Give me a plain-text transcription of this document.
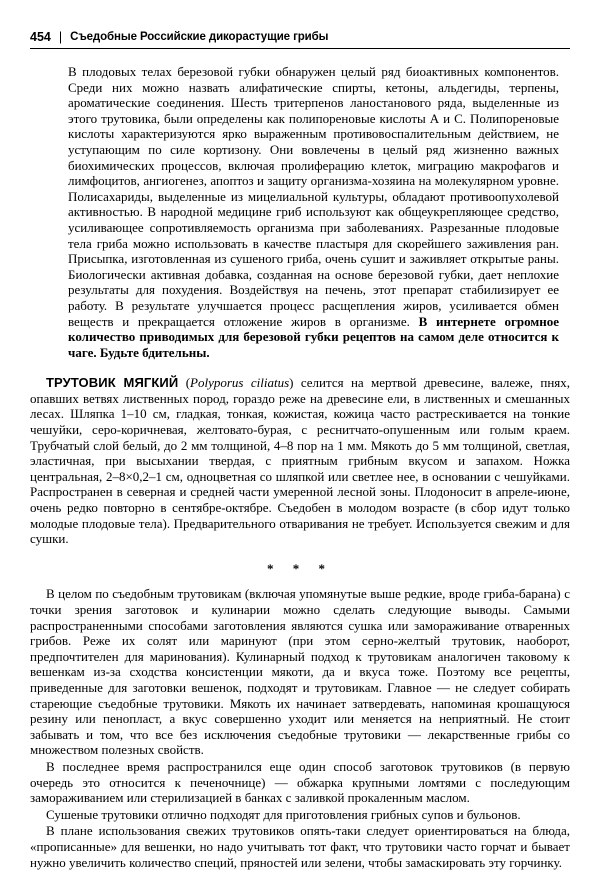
454 | Съедобные Российские дикорастущие грибы
В плодовых телах березовой губки обнаружен целый ряд биоактивных компонентов. Среди них можно назвать алифатические спирты, кетоны, альдегиды, терпены, ароматические соединения. Шесть тритерпенов ланостанового ряда, выделенные из этого трутовика, были определены как полипореновые кислоты А и С. Полипореновые кислоты характеризуются ярко выраженным противовоспалительным действием, не уступающим по силе кортизону. Они вовлечены в целый ряд жизненно важных биохимических процессов, включая пролиферацию клеток, миграцию макрофагов и лимфоцитов, ангиогенез, апоптоз и защиту организма-хозяина на молекулярном уровне. Полисахариды, выделенные из мицелиальной культуры, обладают противоопухолевой активностью. В народной медицине гриб используют как общеукрепляющее средство, усиливающее сопротивляемость организма при заболеваниях. Разрезанные плодовые тела гриба можно использовать в качестве пластыря для скорейшего заживления ран. Присыпка, изготовленная из сушеного гриба, очень сушит и заживляет открытые раны. Биологически активная добавка, созданная на основе березовой губки, дает неплохие результаты для похудения. Воздействуя на печень, этот препарат стабилизирует ее работу. В результате улучшается процесс расщепления жиров, усиливается обмен веществ и прекращается отложение жиров в организме. В интернете огромное количество приводимых для березовой губки рецептов на самом деле относится к чаге. Будьте бдительны.

ТРУТОВИК МЯГКИЙ (Polyporus ciliatus) селится на мертвой древесине, валеже, пнях, опавших ветвях лиственных пород, гораздо реже на древесине ели, в лиственных и смешанных лесах. Шляпка 1–10 см, гладкая, тонкая, кожистая, кожица часто растрескивается на тонкие чешуйки, серо-коричневая, желтовато-бурая, с реснитчато-опушенным или голым краем. Трубчатый слой белый, до 2 мм толщиной, 4–8 пор на 1 мм. Мякоть до 5 мм толщиной, светлая, эластичная, при высыхании твердая, с приятным грибным вкусом и запахом. Ножка центральная, 2–8×0,2–1 см, одноцветная со шляпкой или светлее нее, в основании с чешуйками. Распространен в северная и средней части умеренной лесной зоны. Плодоносит в апреле-июне, очень редко повторно в сентябре-октябре. Съедобен в молодом возрасте (в сбор идут только молодые плодовые тела). Предварительного отваривания не требует. Используется свежим и для сушки.

* * *

В целом по съедобным трутовикам (включая упомянутые выше редкие, вроде гриба-барана) с точки зрения заготовок и кулинарии можно сделать следующие выводы. Самыми распространенными способами заготовления являются сушка или замораживание отваренных грибов. Реже их солят или маринуют (при этом серно-желтый трутовик, наоборот, предпочтителен для маринования). Кулинарный подход к трутовикам аналогичен таковому к вешенкам из-за сходства консистенции мякоти, да и вкуса тоже. Поэтому все рецепты, приведенные для заготовки вешенок, подходят и трутовикам. Главное — не следует собирать стареющие съедобные трутовики. Мякоть их начинает затвердевать, напоминая крошащуюся резину или пенопласт, а вкус совершенно уходит или меняется на неприятный. Не стоит забывать и том, что все без исключения съедобные трутовики — лекарственные грибы со множеством полезных свойств.

В последнее время распространился еще один способ заготовок трутовиков (в первую очередь это относится к печеночнице) — обжарка крупными ломтями с последующим замораживанием или стерилизацией в банках с заливкой прокаленным маслом.

Сушеные трутовики отлично подходят для приготовления грибных супов и бульонов.

В плане использования свежих трутовиков опять-таки следует ориентироваться на блюда, «прописанные» для вешенки, но надо учитывать тот факт, что трутовики часто горчат и бывает нужно увеличить количество специй, пряностей или зелени, чтобы замаскировать эту горчинку.
